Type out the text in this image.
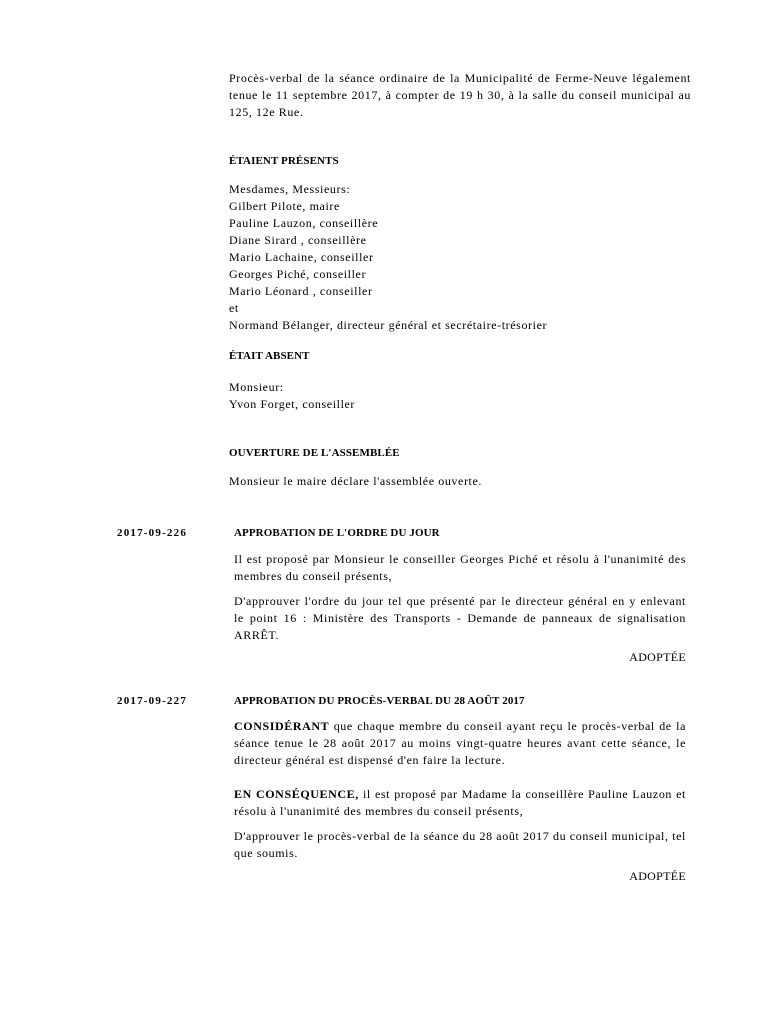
Procès-verbal de la séance ordinaire de la Municipalité de Ferme-Neuve légalement tenue le 11 septembre 2017, à compter de 19 h 30, à la salle du conseil municipal au 125, 12e Rue.

ÉTAIENT PRÉSENTS
Mesdames, Messieurs:
Gilbert Pilote, maire
Pauline Lauzon, conseillère
Diane Sirard , conseillère
Mario Lachaine, conseiller
Georges Piché, conseiller
Mario Léonard , conseiller
et
Normand Bélanger, directeur général et secrétaire-trésorier
ÉTAIT ABSENT
Monsieur:
Yvon Forget, conseiller
OUVERTURE DE L'ASSEMBLÉE
Monsieur le maire déclare l'assemblée ouverte.
2017-09-226	APPROBATION DE L'ORDRE DU JOUR

Il est proposé par Monsieur le conseiller Georges Piché et résolu à l'unanimité des membres du conseil présents,

D'approuver l'ordre du jour tel que présenté par le directeur général en y enlevant le point 16 : Ministère des Transports - Demande de panneaux de signalisation ARRÊT.

ADOPTÉE
2017-09-227	APPROBATION DU PROCÈS-VERBAL DU 28 AOÛT 2017

CONSIDÉRANT que chaque membre du conseil ayant reçu le procès-verbal de la séance tenue le 28 août 2017 au moins vingt-quatre heures avant cette séance, le directeur général est dispensé d'en faire la lecture.

EN CONSÉQUENCE, il est proposé par Madame la conseillère Pauline Lauzon et résolu à l'unanimité des membres du conseil présents,

D'approuver le procès-verbal de la séance du 28 août 2017 du conseil municipal, tel que soumis.

ADOPTÉE
